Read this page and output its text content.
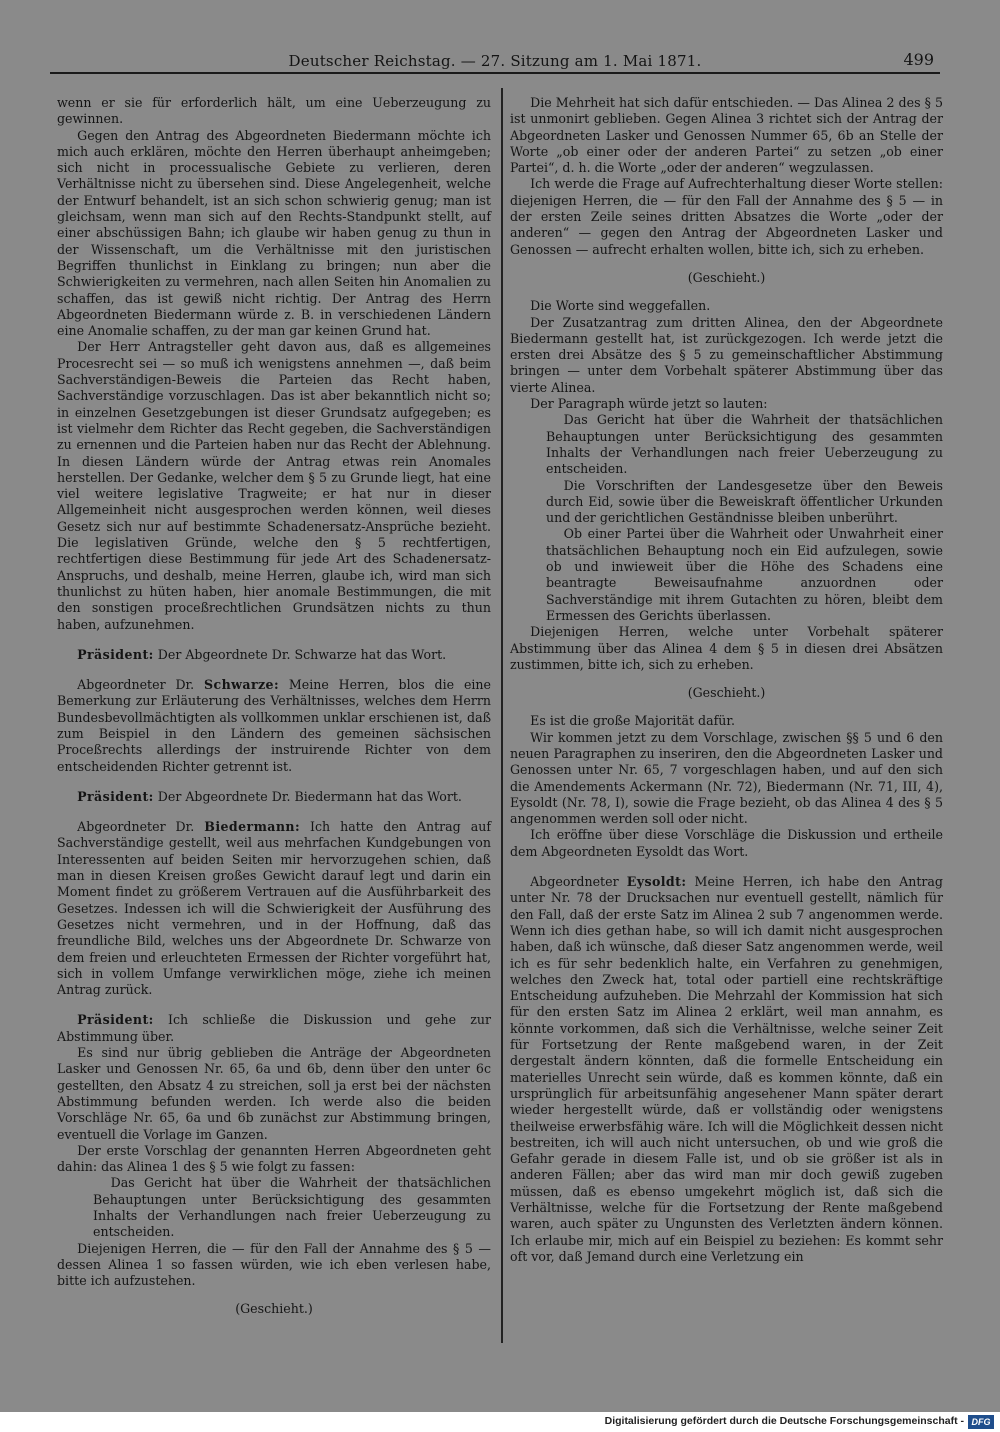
Deutscher Reichstag. — 27. Sitzung am 1. Mai 1871.	499

wenn er sie für erforderlich hält, um eine Ueberzeugung zu gewinnen.

Gegen den Antrag des Abgeordneten Biedermann möchte ich mich auch erklären, möchte den Herren überhaupt anheimgeben; sich nicht in processualische Gebiete zu verlieren, deren Verhältnisse nicht zu übersehen sind. Diese Angelegenheit, welche der Entwurf behandelt, ist an sich schon schwierig genug; man ist gleichsam, wenn man sich auf den Rechts-Standpunkt stellt, auf einer abschüssigen Bahn; ich glaube wir haben genug zu thun in der Wissenschaft, um die Verhältnisse mit den juristischen Begriffen thunlichst in Einklang zu bringen; nun aber die Schwierigkeiten zu vermehren, nach allen Seiten hin Anomalien zu schaffen, das ist gewiß nicht richtig. Der Antrag des Herrn Abgeordneten Biedermann würde z. B. in verschiedenen Ländern eine Anomalie schaffen, zu der man gar keinen Grund hat.

Der Herr Antragsteller geht davon aus, daß es allgemeines Procesrecht sei — so muß ich wenigstens annehmen —, daß beim Sachverständigen-Beweis die Parteien das Recht haben, Sachverständige vorzuschlagen. Das ist aber bekanntlich nicht so; in einzelnen Gesetzgebungen ist dieser Grundsatz aufgegeben; es ist vielmehr dem Richter das Recht gegeben, die Sachverständigen zu ernennen und die Parteien haben nur das Recht der Ablehnung. In diesen Ländern würde der Antrag etwas rein Anomales herstellen. Der Gedanke, welcher dem § 5 zu Grunde liegt, hat eine viel weitere legislative Tragweite; er hat nur in dieser Allgemeinheit nicht ausgesprochen werden können, weil dieses Gesetz sich nur auf bestimmte Schadenersatz-Ansprüche bezieht. Die legislativen Gründe, welche den § 5 rechtfertigen, rechtfertigen diese Bestimmung für jede Art des Schadenersatz-Anspruchs, und deshalb, meine Herren, glaube ich, wird man sich thunlichst zu hüten haben, hier anomale Bestimmungen, die mit den sonstigen proceßrechtlichen Grundsätzen nichts zu thun haben, aufzunehmen.

Präsident: Der Abgeordnete Dr. Schwarze hat das Wort.

Abgeordneter Dr. Schwarze: Meine Herren, blos die eine Bemerkung zur Erläuterung des Verhältnisses, welches dem Herrn Bundesbevollmächtigten als vollkommen unklar erschienen ist, daß zum Beispiel in den Ländern des gemeinen sächsischen Proceßrechts allerdings der instruirende Richter von dem entscheidenden Richter getrennt ist.

Präsident: Der Abgeordnete Dr. Biedermann hat das Wort.

Abgeordneter Dr. Biedermann: Ich hatte den Antrag auf Sachverständige gestellt, weil aus mehrfachen Kundgebungen von Interessenten auf beiden Seiten mir hervorzugehen schien, daß man in diesen Kreisen großes Gewicht darauf legt und darin ein Moment findet zu größerem Vertrauen auf die Ausführbarkeit des Gesetzes. Indessen ich will die Schwierigkeit der Ausführung des Gesetzes nicht vermehren, und in der Hoffnung, daß das freundliche Bild, welches uns der Abgeordnete Dr. Schwarze von dem freien und erleuchteten Ermessen der Richter vorgeführt hat, sich in vollem Umfange verwirklichen möge, ziehe ich meinen Antrag zurück.

Präsident: Ich schließe die Diskussion und gehe zur Abstimmung über.

Es sind nur übrig geblieben die Anträge der Abgeordneten Lasker und Genossen Nr. 65, 6a und 6b, denn über den unter 6c gestellten, den Absatz 4 zu streichen, soll ja erst bei der nächsten Abstimmung befunden werden. Ich werde also die beiden Vorschläge Nr. 65, 6a und 6b zunächst zur Abstimmung bringen, eventuell die Vorlage im Ganzen.

Der erste Vorschlag der genannten Herren Abgeordneten geht dahin: das Alinea 1 des § 5 wie folgt zu fassen:

Das Gericht hat über die Wahrheit der thatsächlichen Behauptungen unter Berücksichtigung des gesammten Inhalts der Verhandlungen nach freier Ueberzeugung zu entscheiden.

Diejenigen Herren, die — für den Fall der Annahme des § 5 — dessen Alinea 1 so fassen würden, wie ich eben verlesen habe, bitte ich aufzustehen.

(Geschieht.)

Die Mehrheit hat sich dafür entschieden. — Das Alinea 2 des § 5 ist unmonirt geblieben. Gegen Alinea 3 richtet sich der Antrag der Abgeordneten Lasker und Genossen Nummer 65, 6b an Stelle der Worte „ob einer oder der anderen Partei“ zu setzen „ob einer Partei“, d. h. die Worte „oder der anderen“ wegzulassen.

Ich werde die Frage auf Aufrechterhaltung dieser Worte stellen: diejenigen Herren, die — für den Fall der Annahme des § 5 — in der ersten Zeile seines dritten Absatzes die Worte „oder der anderen“ — gegen den Antrag der Abgeordneten Lasker und Genossen — aufrecht erhalten wollen, bitte ich, sich zu erheben.

(Geschieht.)

Die Worte sind weggefallen.

Der Zusatzantrag zum dritten Alinea, den der Abgeordnete Biedermann gestellt hat, ist zurückgezogen. Ich werde jetzt die ersten drei Absätze des § 5 zu gemeinschaftlicher Abstimmung bringen — unter dem Vorbehalt späterer Abstimmung über das vierte Alinea.

Der Paragraph würde jetzt so lauten:

Das Gericht hat über die Wahrheit der thatsächlichen Behauptungen unter Berücksichtigung des gesammten Inhalts der Verhandlungen nach freier Ueberzeugung zu entscheiden.

Die Vorschriften der Landesgesetze über den Beweis durch Eid, sowie über die Beweiskraft öffentlicher Urkunden und der gerichtlichen Geständnisse bleiben unberührt.

Ob einer Partei über die Wahrheit oder Unwahrheit einer thatsächlichen Behauptung noch ein Eid aufzulegen, sowie ob und inwieweit über die Höhe des Schadens eine beantragte Beweisaufnahme anzuordnen oder Sachverständige mit ihrem Gutachten zu hören, bleibt dem Ermessen des Gerichts überlassen.

Diejenigen Herren, welche unter Vorbehalt späterer Abstimmung über das Alinea 4 dem § 5 in diesen drei Absätzen zustimmen, bitte ich, sich zu erheben.

(Geschieht.)

Es ist die große Majorität dafür.

Wir kommen jetzt zu dem Vorschlage, zwischen §§ 5 und 6 den neuen Paragraphen zu inseriren, den die Abgeordneten Lasker und Genossen unter Nr. 65, 7 vorgeschlagen haben, und auf den sich die Amendements Ackermann (Nr. 72), Biedermann (Nr. 71, III, 4), Eysoldt (Nr. 78, I), sowie die Frage bezieht, ob das Alinea 4 des § 5 angenommen werden soll oder nicht.

Ich eröffne über diese Vorschläge die Diskussion und ertheile dem Abgeordneten Eysoldt das Wort.

Abgeordneter Eysoldt: Meine Herren, ich habe den Antrag unter Nr. 78 der Drucksachen nur eventuell gestellt, nämlich für den Fall, daß der erste Satz im Alinea 2 sub 7 angenommen werde. Wenn ich dies gethan habe, so will ich damit nicht ausgesprochen haben, daß ich wünsche, daß dieser Satz angenommen werde, weil ich es für sehr bedenklich halte, ein Verfahren zu genehmigen, welches den Zweck hat, total oder partiell eine rechtskräftige Entscheidung aufzuheben. Die Mehrzahl der Kommission hat sich für den ersten Satz im Alinea 2 erklärt, weil man annahm, es könnte vorkommen, daß sich die Verhältnisse, welche seiner Zeit für Fortsetzung der Rente maßgebend waren, in der Zeit dergestalt ändern könnten, daß die formelle Entscheidung ein materielles Unrecht sein würde, daß es kommen könnte, daß ein ursprünglich für arbeitsunfähig angesehener Mann später derart wieder hergestellt würde, daß er vollständig oder wenigstens theilweise erwerbsfähig wäre. Ich will die Möglichkeit dessen nicht bestreiten, ich will auch nicht untersuchen, ob und wie groß die Gefahr gerade in diesem Falle ist, und ob sie größer ist als in anderen Fällen; aber das wird man mir doch gewiß zugeben müssen, daß es ebenso umgekehrt möglich ist, daß sich die Verhältnisse, welche für die Fortsetzung der Rente maßgebend waren, auch später zu Ungunsten des Verletzten ändern können. Ich erlaube mir, mich auf ein Beispiel zu beziehen: Es kommt sehr oft vor, daß Jemand durch eine Verletzung ein

Digitalisierung gefördert durch die Deutsche Forschungsgemeinschaft - DFG
